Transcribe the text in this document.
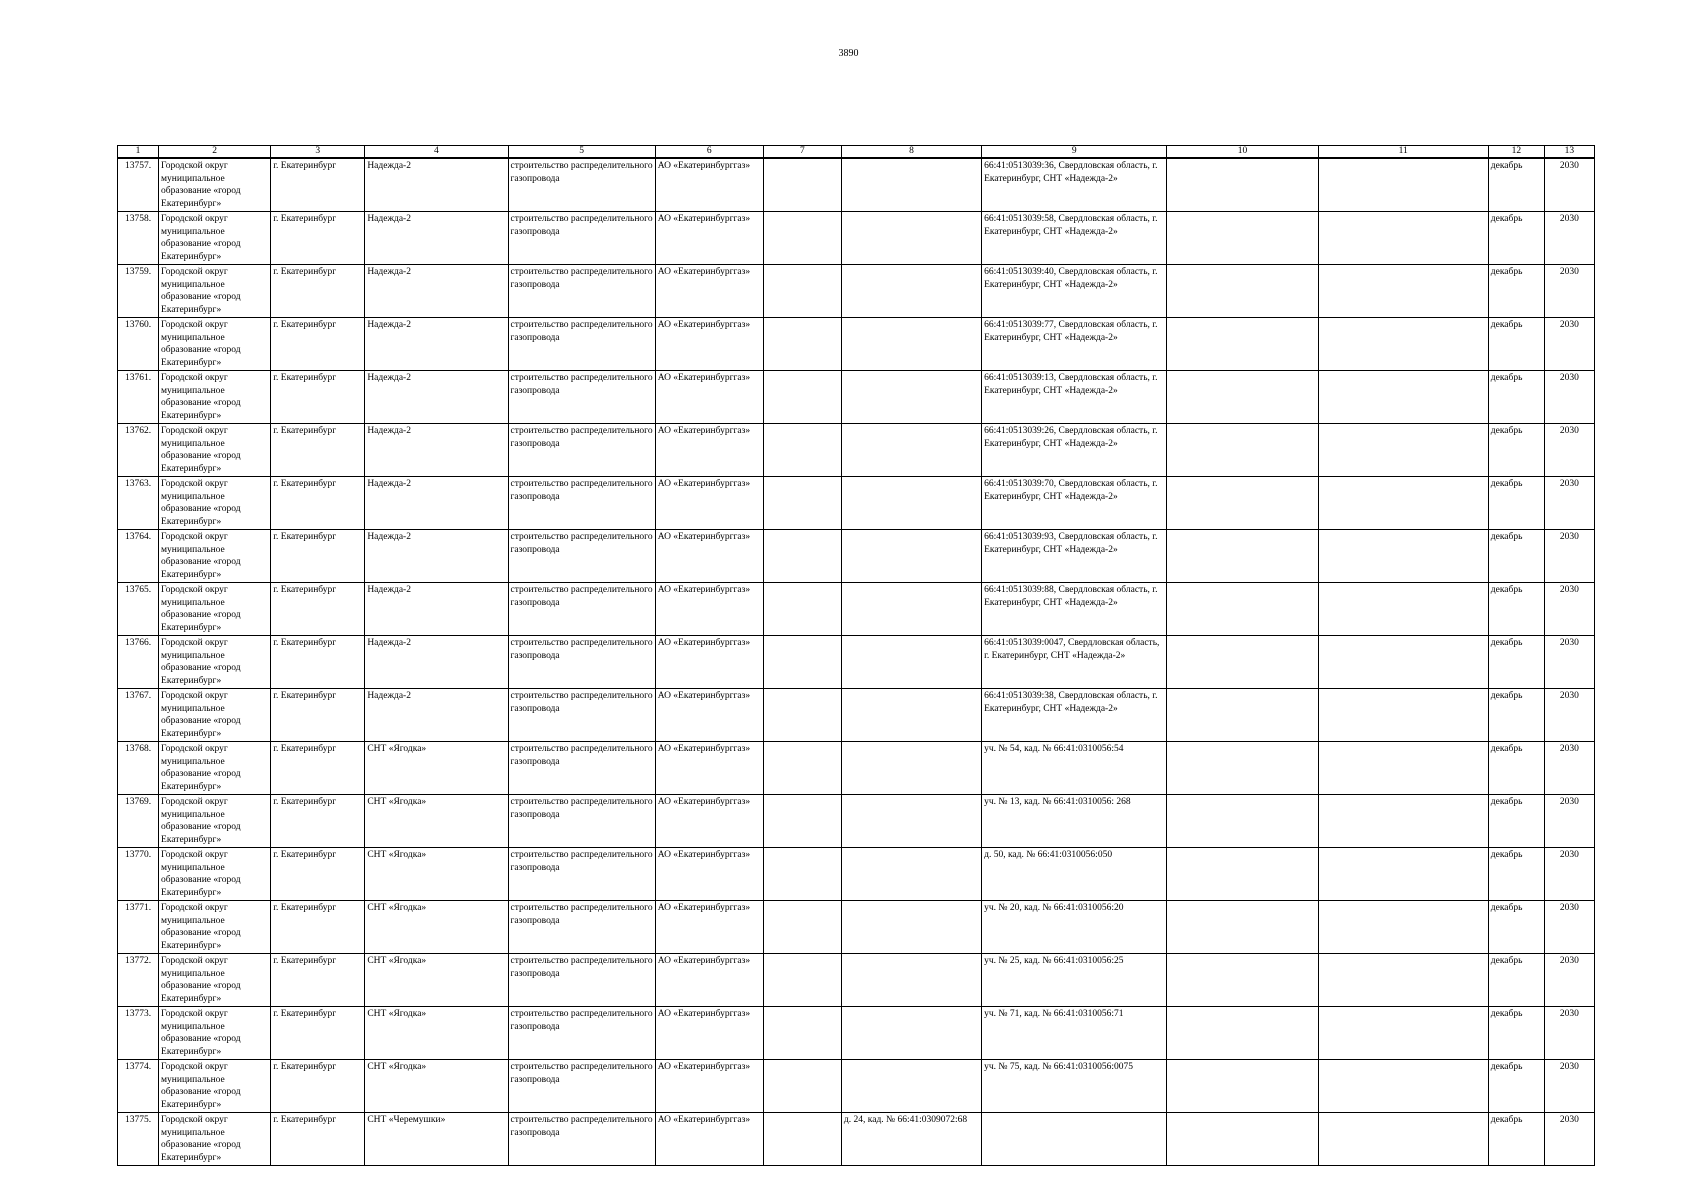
3890
1	2	3	4	5	6	7	8	9	10	11	12	13
13757.	Городской округ муниципальное образование «город Екатеринбург»	г. Екатеринбург	Надежда-2	строительство распределительного газопровода	АО «Екатеринбурггаз»			66:41:0513039:36, Свердловская область, г. Екатеринбург, СНТ «Надежда-2»			декабрь	2030
13758.	Городской округ муниципальное образование «город Екатеринбург»	г. Екатеринбург	Надежда-2	строительство распределительного газопровода	АО «Екатеринбурггаз»			66:41:0513039:58, Свердловская область, г. Екатеринбург, СНТ «Надежда-2»			декабрь	2030
13759.	Городской округ муниципальное образование «город Екатеринбург»	г. Екатеринбург	Надежда-2	строительство распределительного газопровода	АО «Екатеринбурггаз»			66:41:0513039:40, Свердловская область, г. Екатеринбург, СНТ «Надежда-2»			декабрь	2030
13760.	Городской округ муниципальное образование «город Екатеринбург»	г. Екатеринбург	Надежда-2	строительство распределительного газопровода	АО «Екатеринбурггаз»			66:41:0513039:77, Свердловская область, г. Екатеринбург, СНТ «Надежда-2»			декабрь	2030
13761.	Городской округ муниципальное образование «город Екатеринбург»	г. Екатеринбург	Надежда-2	строительство распределительного газопровода	АО «Екатеринбурггаз»			66:41:0513039:13, Свердловская область, г. Екатеринбург, СНТ «Надежда-2»			декабрь	2030
13762.	Городской округ муниципальное образование «город Екатеринбург»	г. Екатеринбург	Надежда-2	строительство распределительного газопровода	АО «Екатеринбурггаз»			66:41:0513039:26, Свердловская область, г. Екатеринбург, СНТ «Надежда-2»			декабрь	2030
13763.	Городской округ муниципальное образование «город Екатеринбург»	г. Екатеринбург	Надежда-2	строительство распределительного газопровода	АО «Екатеринбурггаз»			66:41:0513039:70, Свердловская область, г. Екатеринбург, СНТ «Надежда-2»			декабрь	2030
13764.	Городской округ муниципальное образование «город Екатеринбург»	г. Екатеринбург	Надежда-2	строительство распределительного газопровода	АО «Екатеринбурггаз»			66:41:0513039:93, Свердловская область, г. Екатеринбург, СНТ «Надежда-2»			декабрь	2030
13765.	Городской округ муниципальное образование «город Екатеринбург»	г. Екатеринбург	Надежда-2	строительство распределительного газопровода	АО «Екатеринбурггаз»			66:41:0513039:88, Свердловская область, г. Екатеринбург, СНТ «Надежда-2»			декабрь	2030
13766.	Городской округ муниципальное образование «город Екатеринбург»	г. Екатеринбург	Надежда-2	строительство распределительного газопровода	АО «Екатеринбурггаз»			66:41:0513039:0047, Свердловская область, г. Екатеринбург, СНТ «Надежда-2»			декабрь	2030
13767.	Городской округ муниципальное образование «город Екатеринбург»	г. Екатеринбург	Надежда-2	строительство распределительного газопровода	АО «Екатеринбурггаз»			66:41:0513039:38, Свердловская область, г. Екатеринбург, СНТ «Надежда-2»			декабрь	2030
13768.	Городской округ муниципальное образование «город Екатеринбург»	г. Екатеринбург	СНТ «Ягодка»	строительство распределительного газопровода	АО «Екатеринбурггаз»			уч. № 54, кад. № 66:41:0310056:54			декабрь	2030
13769.	Городской округ муниципальное образование «город Екатеринбург»	г. Екатеринбург	СНТ «Ягодка»	строительство распределительного газопровода	АО «Екатеринбурггаз»			уч. № 13, кад. № 66:41:0310056: 268			декабрь	2030
13770.	Городской округ муниципальное образование «город Екатеринбург»	г. Екатеринбург	СНТ «Ягодка»	строительство распределительного газопровода	АО «Екатеринбурггаз»			д. 50, кад. № 66:41:0310056:050			декабрь	2030
13771.	Городской округ муниципальное образование «город Екатеринбург»	г. Екатеринбург	СНТ «Ягодка»	строительство распределительного газопровода	АО «Екатеринбурггаз»			уч. № 20, кад. № 66:41:0310056:20			декабрь	2030
13772.	Городской округ муниципальное образование «город Екатеринбург»	г. Екатеринбург	СНТ «Ягодка»	строительство распределительного газопровода	АО «Екатеринбурггаз»			уч. № 25, кад. № 66:41:0310056:25			декабрь	2030
13773.	Городской округ муниципальное образование «город Екатеринбург»	г. Екатеринбург	СНТ «Ягодка»	строительство распределительного газопровода	АО «Екатеринбурггаз»			уч. № 71, кад. № 66:41:0310056:71			декабрь	2030
13774.	Городской округ муниципальное образование «город Екатеринбург»	г. Екатеринбург	СНТ «Ягодка»	строительство распределительного газопровода	АО «Екатеринбурггаз»			уч. № 75, кад. № 66:41:0310056:0075			декабрь	2030
13775.	Городской округ муниципальное образование «город Екатеринбург»	г. Екатеринбург	СНТ «Черемушки»	строительство распределительного газопровода	АО «Екатеринбурггаз»		д. 24, кад. № 66:41:0309072:68				декабрь	2030
